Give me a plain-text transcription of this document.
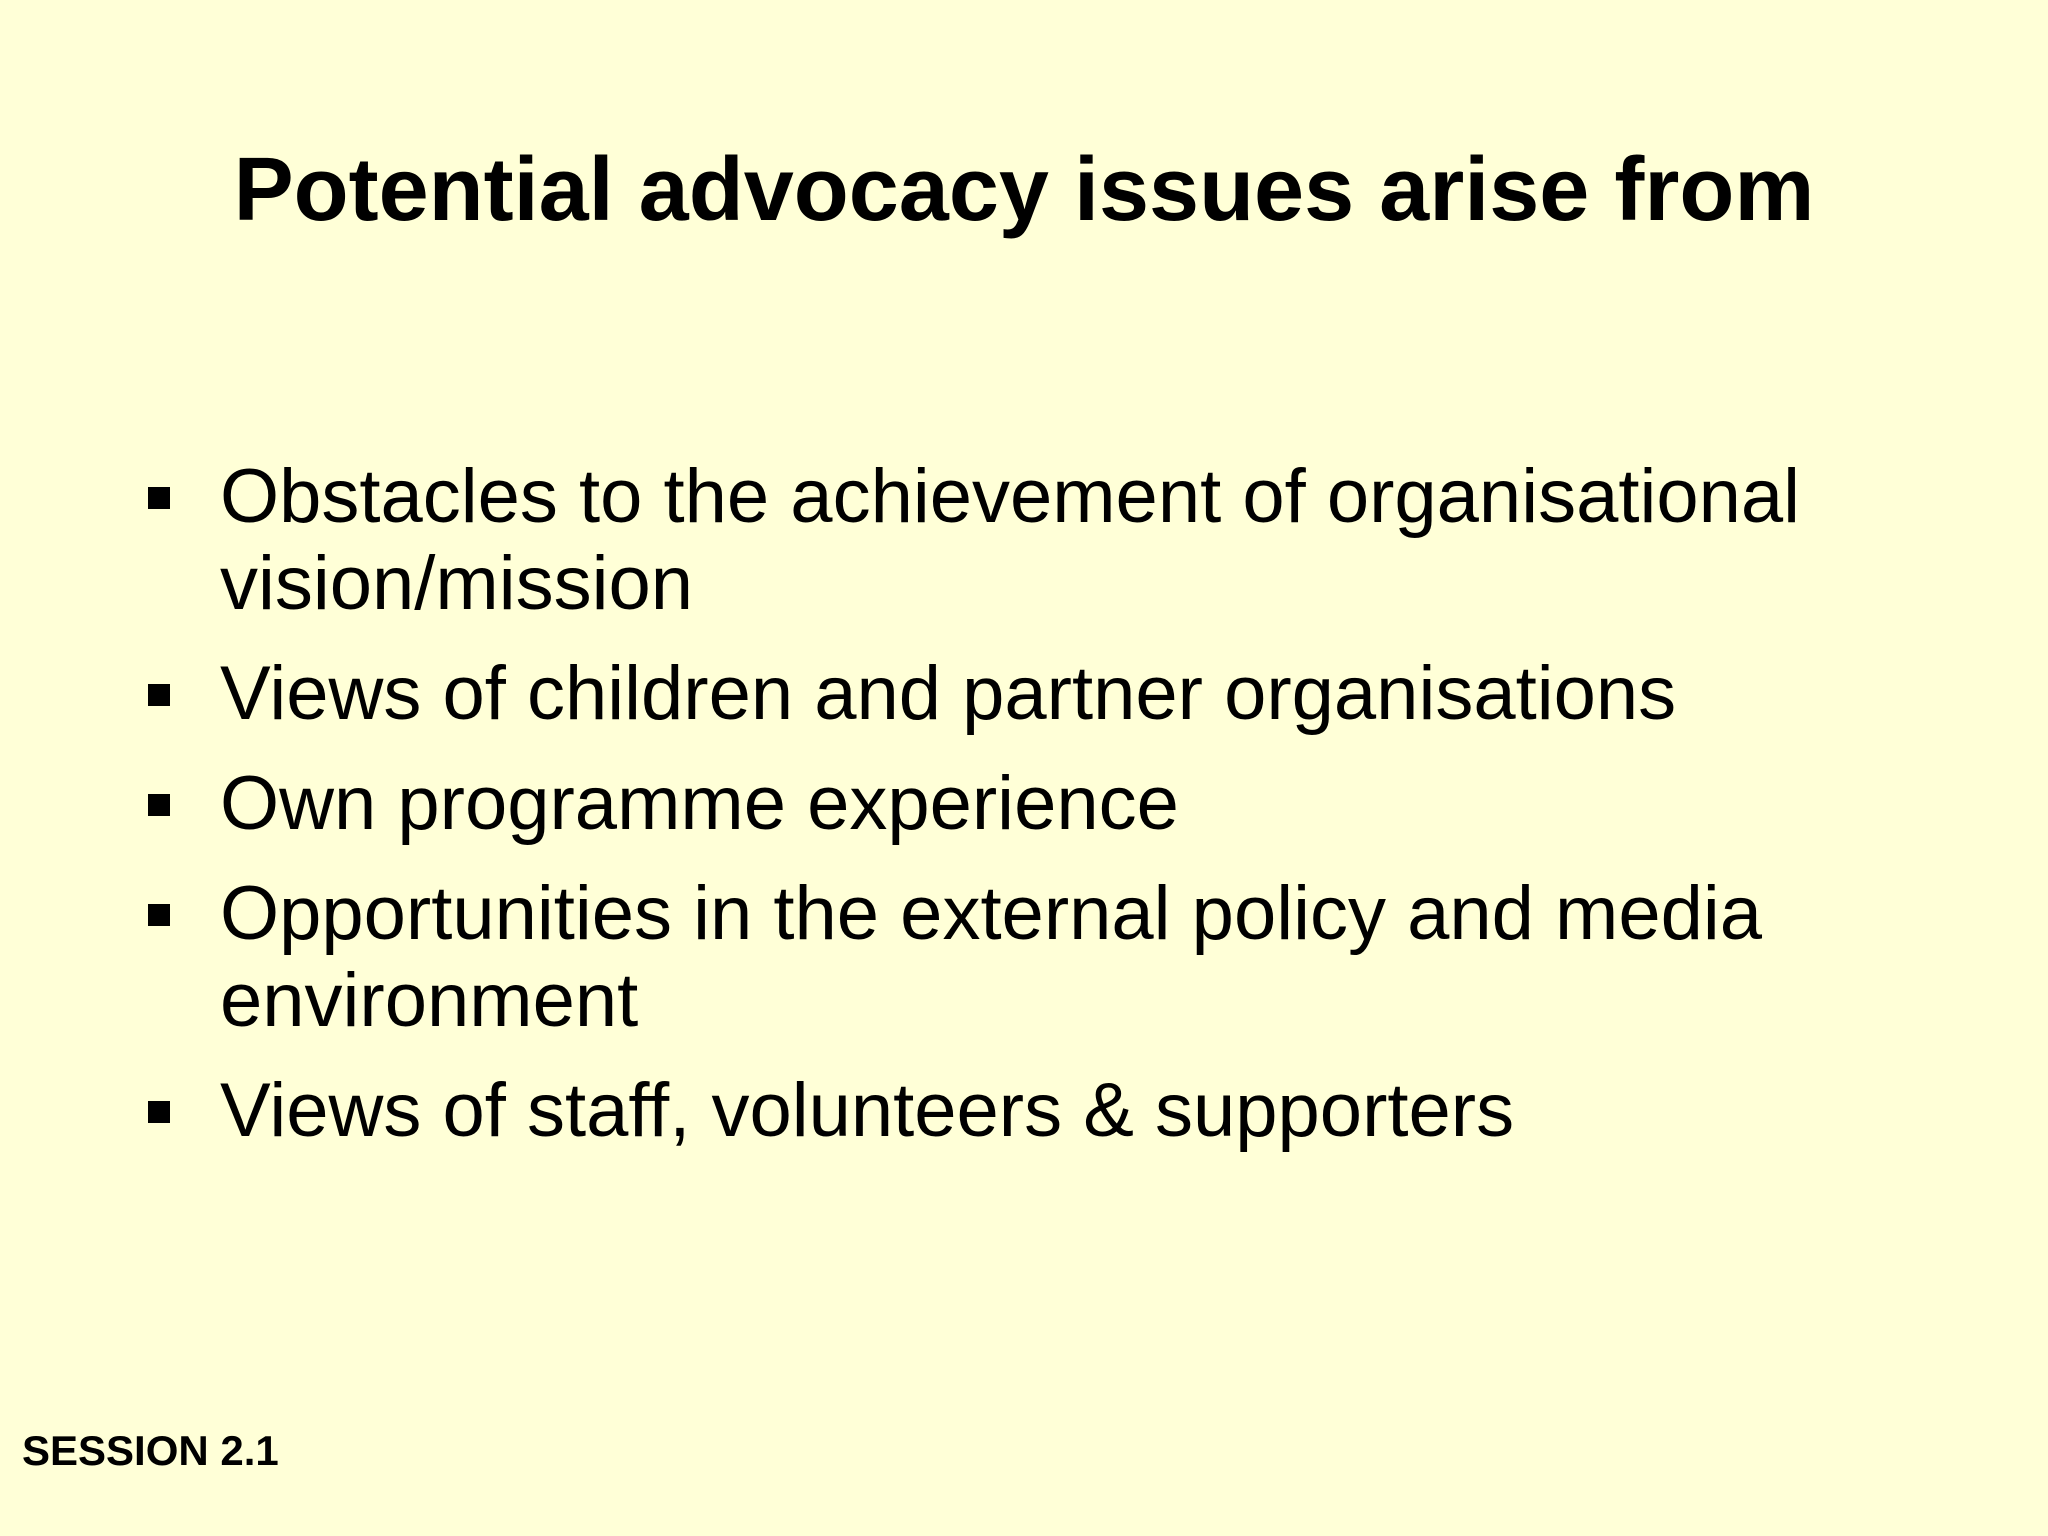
Potential advocacy issues arise from
Obstacles to the achievement of organisational vision/mission
Views of children and partner organisations
Own programme experience
Opportunities in the external policy and media environment
Views of staff, volunteers & supporters
SESSION 2.1
